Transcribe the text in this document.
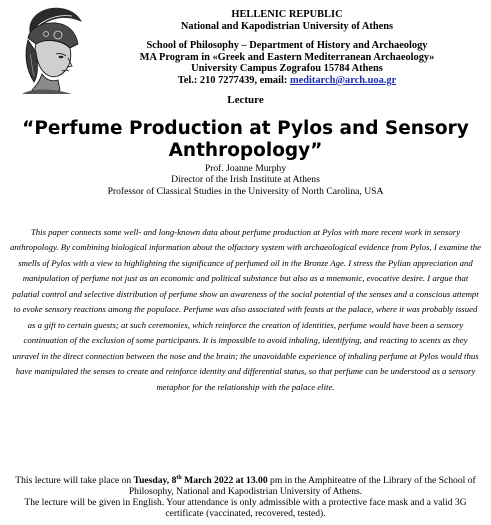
HELLENIC REPUBLIC
National and Kapodistrian University of Athens
School of Philosophy – Department of History and Archaeology
MA Program in «Greek and Eastern Mediterranean Archaeology»
University Campus Zografou 15784 Athens
Tel.: 210 7277439, email: meditarch@arch.uoa.gr
Lecture
“Perfume Production at Pylos and Sensory Anthropology”
Prof. Joanne Murphy
Director of the Irish Institute at Athens
Professor of Classical Studies in the University of North Carolina, USA

This paper connects some well- and long-known data about perfume production at Pylos with more recent work in sensory anthropology. By combining biological information about the olfactory system with archaeological evidence from Pylos, I examine the smells of Pylos with a view to highlighting the significance of perfumed oil in the Bronze Age. I stress the Pylian appreciation and manipulation of perfume not just as an economic and political substance but also as a mnemonic, evocative desire. I argue that palatial control and selective distribution of perfume show an awareness of the social potential of the senses and a conscious attempt to evoke sensory reactions among the populace. Perfume was also associated with feasts at the palace, where it was probably issued as a gift to certain guests; at such ceremonies, which reinforce the creation of identities, perfume would have been a sensory continuation of the exclusion of some participants. It is impossible to avoid inhaling, identifying, and reacting to scents as they unravel in the direct connection between the nose and the brain; the unavoidable experience of inhaling perfume at Pylos would thus have manipulated the senses to create and reinforce identity and differential status, so that perfume can be understood as a sensory metaphor for the relationship with the palace elite.

This lecture will take place on Tuesday, 8th March 2022 at 13.00 pm in the Amphiteatre of the Library of the School of Philosophy, National and Kapodistrian University of Athens.
The lecture will be given in English. Your attendance is only admissible with a protective face mask and a valid 3G certificate (vaccinated, recovered, tested).
